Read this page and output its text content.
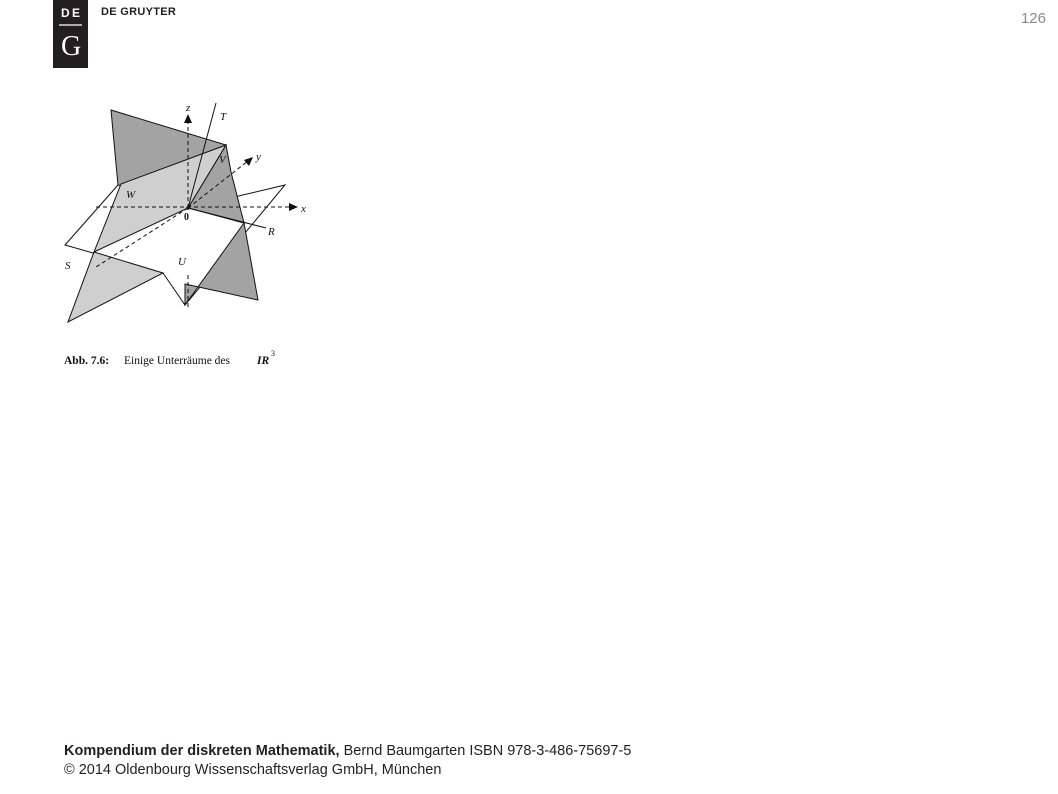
D E
G
DE GRUYTER	126
z
T
y
V
W
x
R
S	U
0
Abb. 7.6: Einige Unterräume des IR 3
Kompendium der diskreten Mathematik, Bernd Baumgarten ISBN 978-3-486-75697-5
© 2014 Oldenbourg Wissenschaftsverlag GmbH, München
